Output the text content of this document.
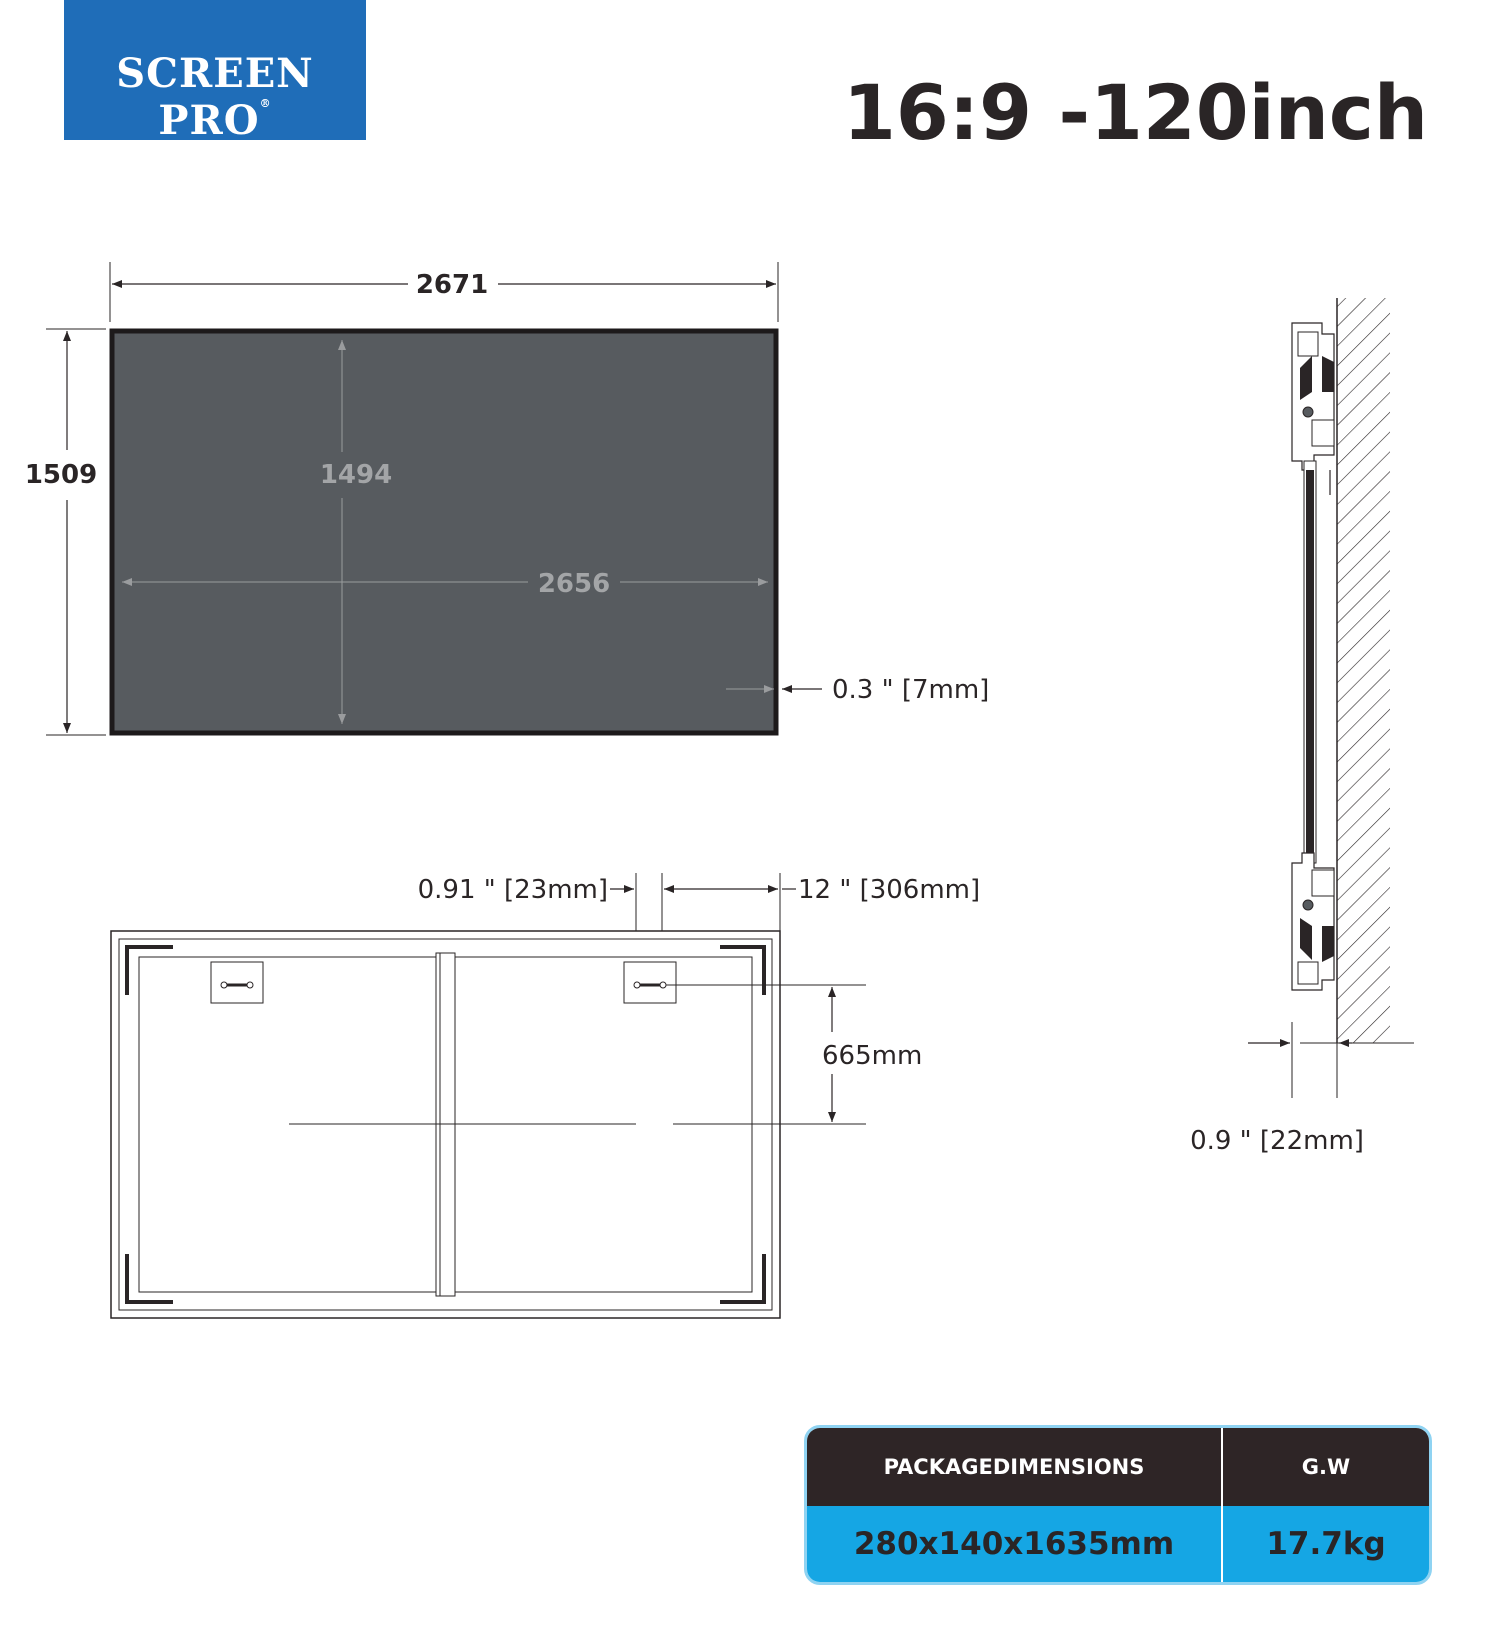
SCREEN PRO®	16:9 -120inch
2671
1509	1494
2656
0.3 " [7mm]
0.91 " [23mm]	12 " [306mm]
665mm
0.9 " [22mm]
PACKAGEDIMENSIONS	G.W
280x140x1635mm	17.7kg
